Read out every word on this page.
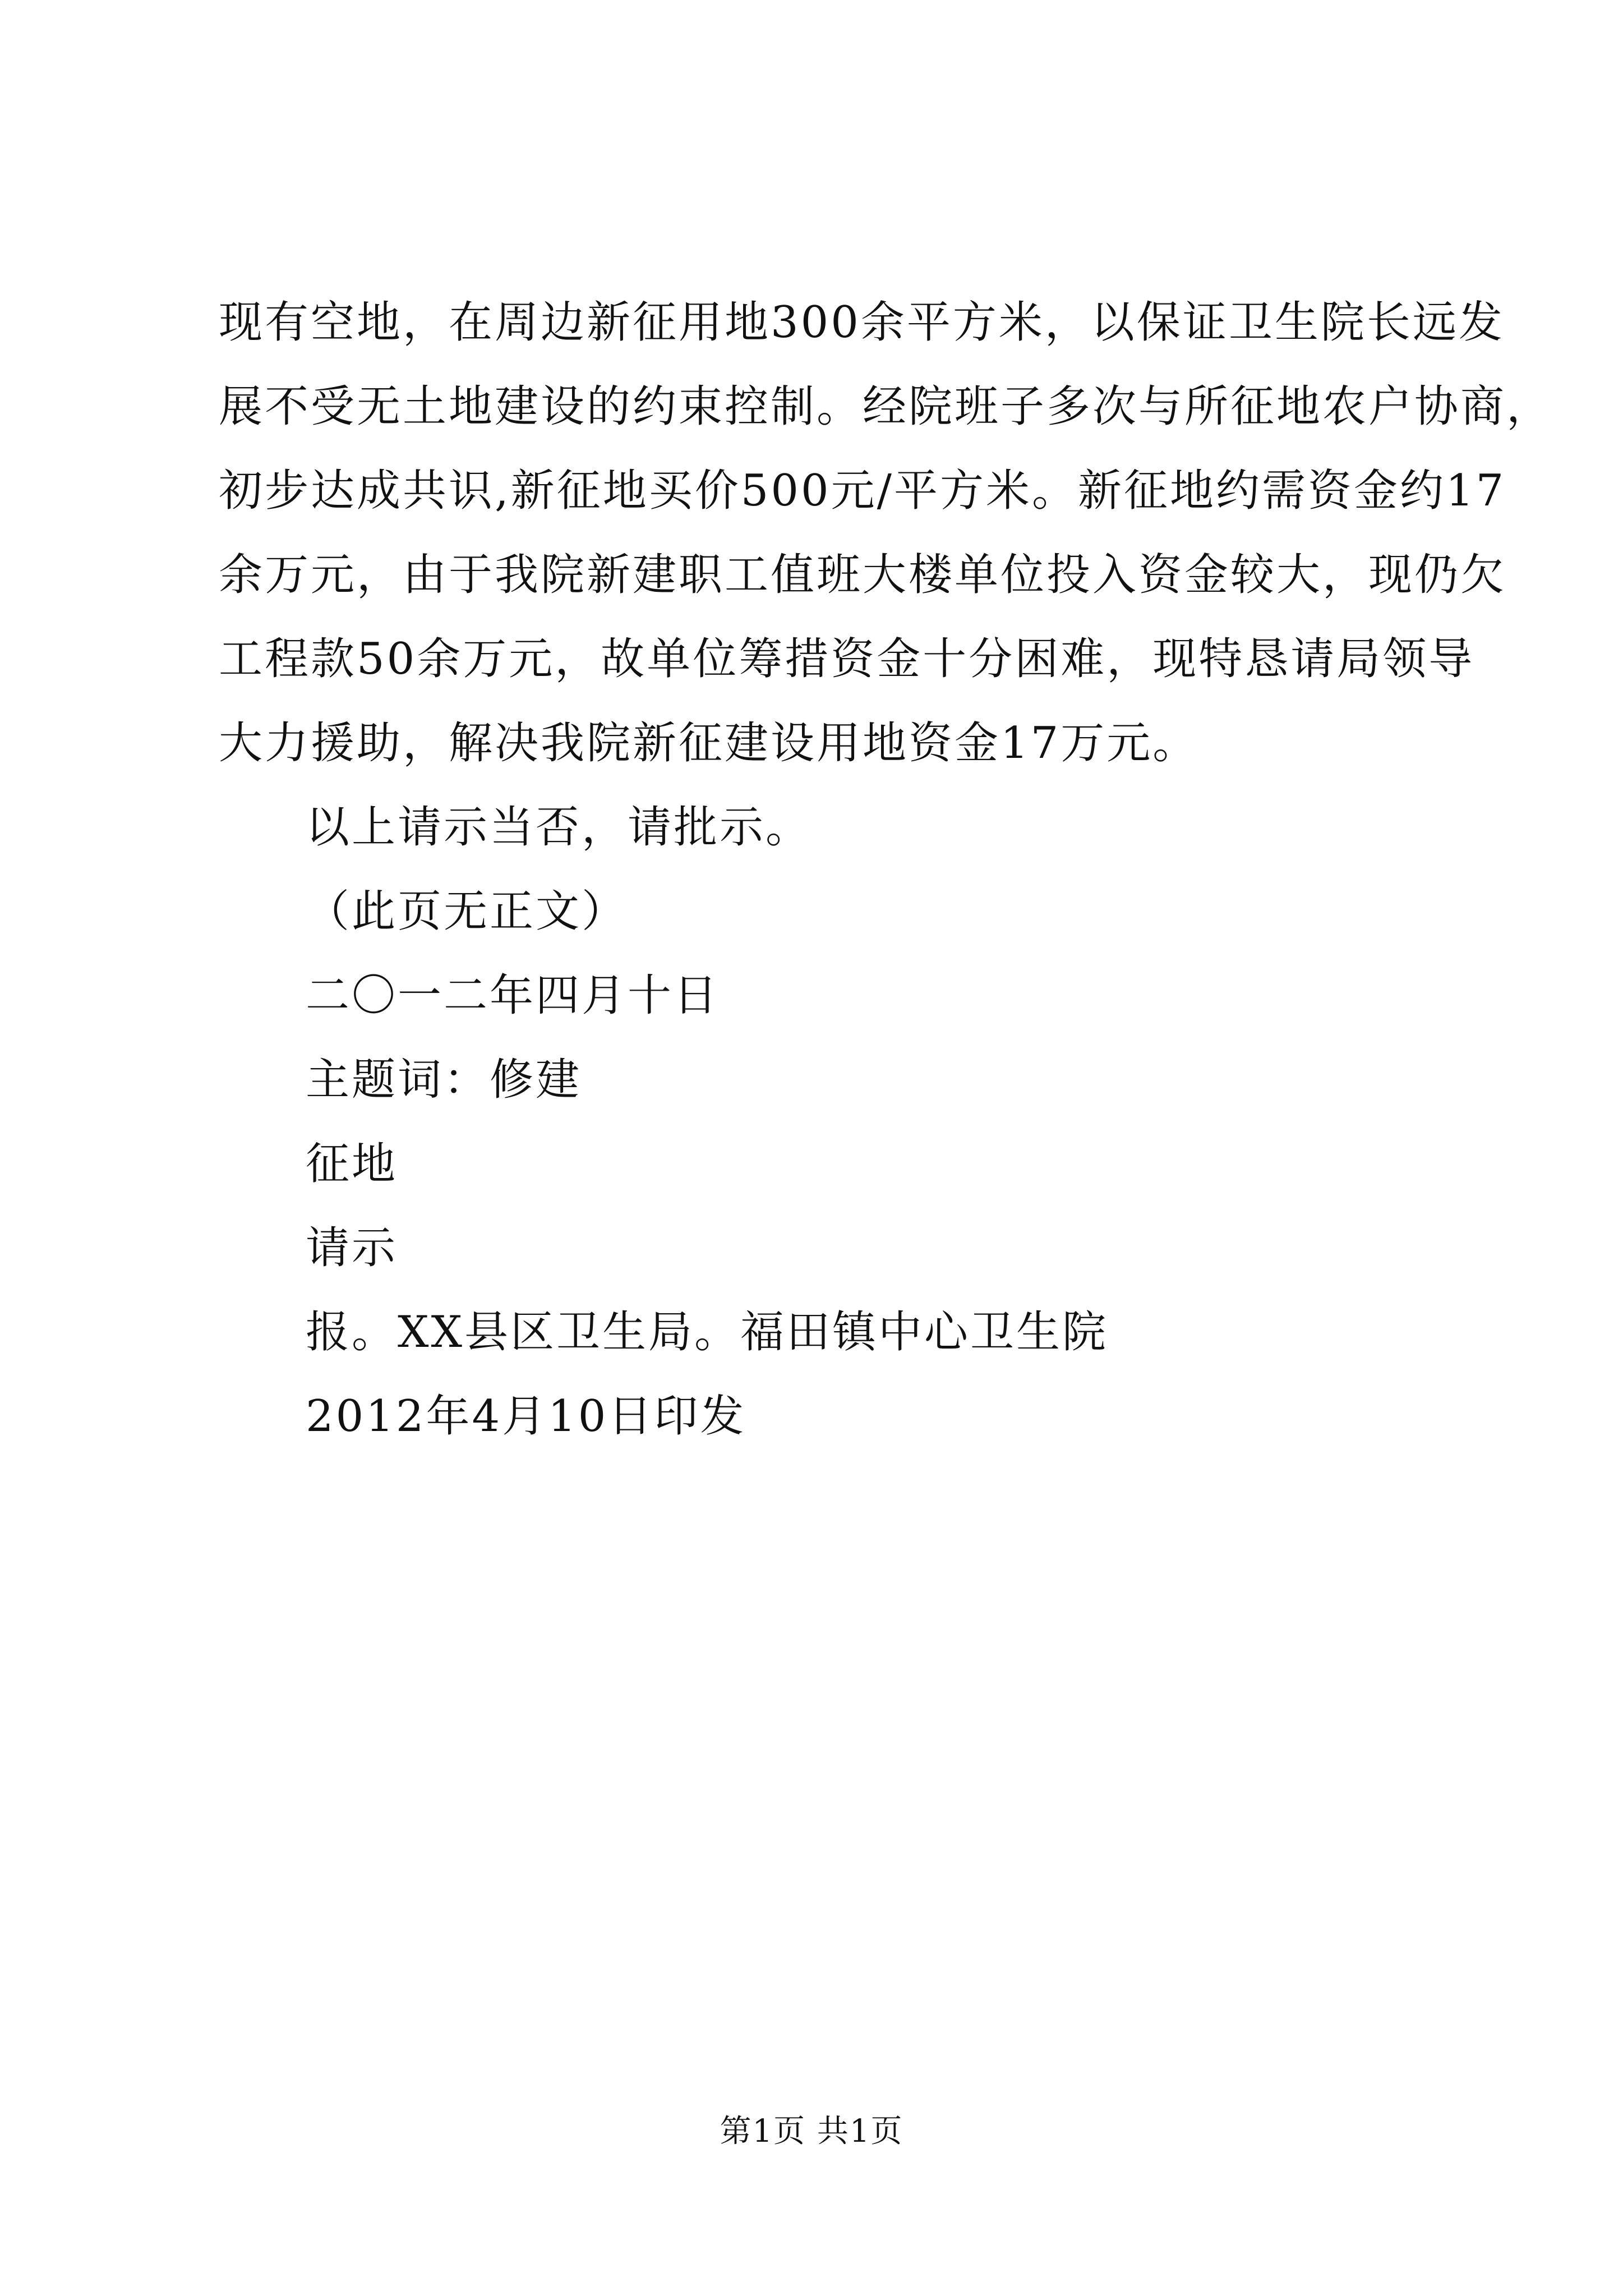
现有空地，在周边新征用地300余平方米，以保证卫生院长远发
展不受无土地建设的约束控制。经院班子多次与所征地农户协商，
初步达成共识,新征地买价500元/平方米。新征地约需资金约17
余万元，由于我院新建职工值班大楼单位投入资金较大，现仍欠
工程款50余万元，故单位筹措资金十分困难，现特恳请局领导
大力援助，解决我院新征建设用地资金17万元。
以上请示当否，请批示。
（此页无正文）
二〇一二年四月十日
主题词：修建
征地
请示
报。XX县区卫生局。福田镇中心卫生院
2012年4月10日印发
第1页 共1页
